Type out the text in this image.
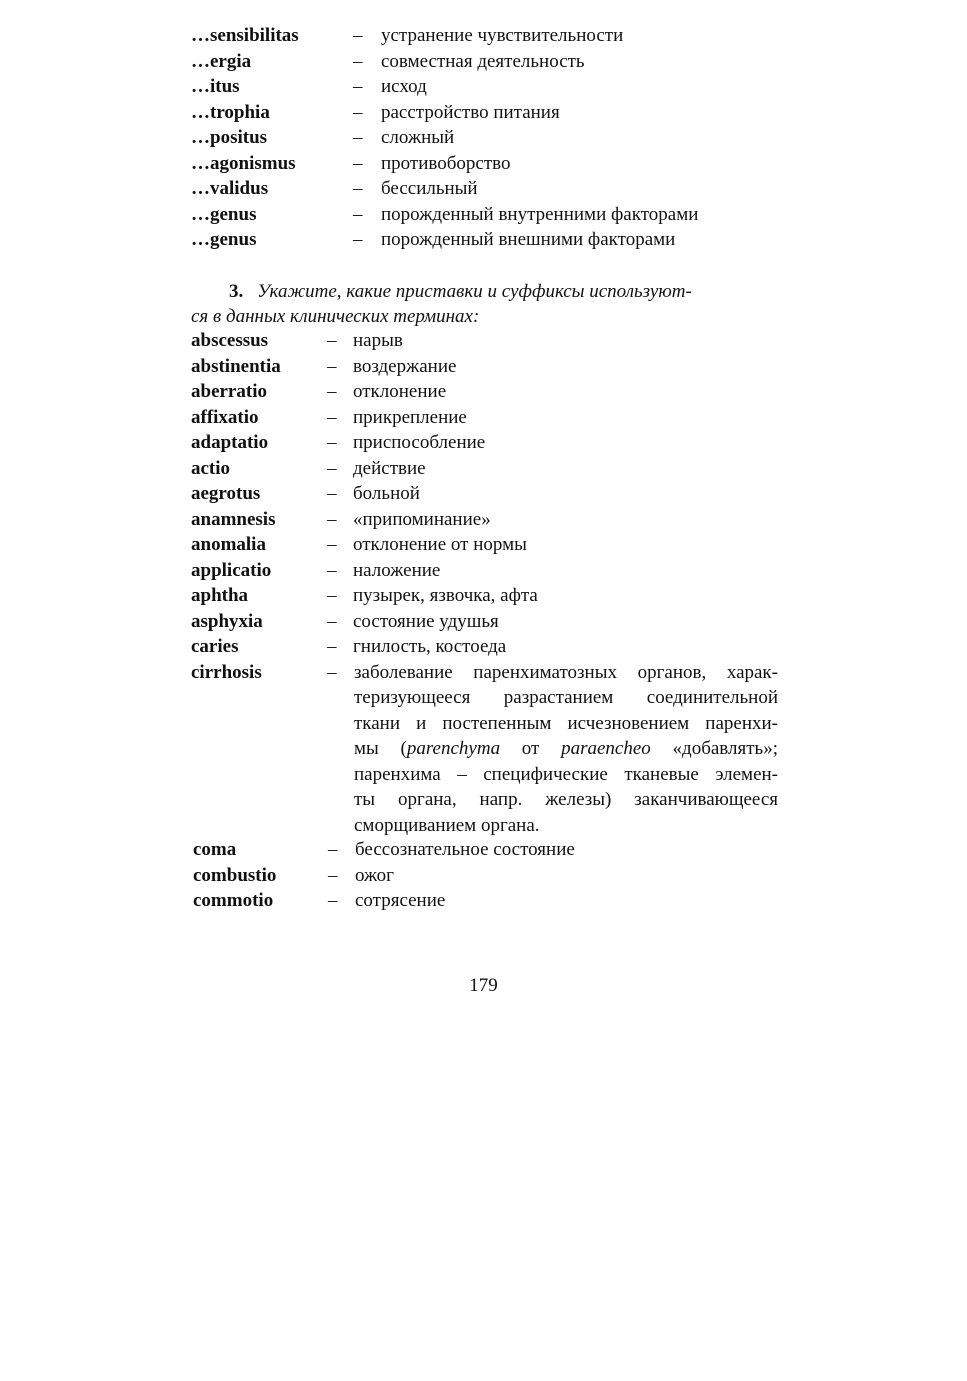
…sensibilitas	– устранение чувствительности
…ergia	– совместная деятельность
…itus	– исход
…trophia	– расстройство питания
…positus	– сложный
…agonismus	– противоборство
…validus	– бессильный
…genus	– порожденный внутренними факторами
…genus	– порожденный внешними факторами
3. Укажите, какие приставки и суффиксы используют-
ся в данных клинических терминах:
abscessus	– нарыв
abstinentia – воздержание
aberratio	– отклонение
affixatio	– прикрепление
adaptatio	– приспособление
actio	– действие
aegrotus	– больной
anamnesis	– «припоминание»
anomalia	– отклонение от нормы
applicatio	– наложение
aphtha	– пузырек, язвочка, афта
asphyxia	– состояние удушья
caries	– гнилость, костоеда
cirrhosis	– заболевание паренхиматозных органов, харак-
теризующееся разрастанием соединительной
ткани и постепенным исчезновением паренхи-
мы (parenchyma от paraencheo «добавлять»;
паренхима – специфические тканевые элемен-
ты органа, напр. железы) заканчивающееся
сморщиванием органа.
coma	– бессознательное состояние
combustio	– ожог
commotio	– сотрясение
179
